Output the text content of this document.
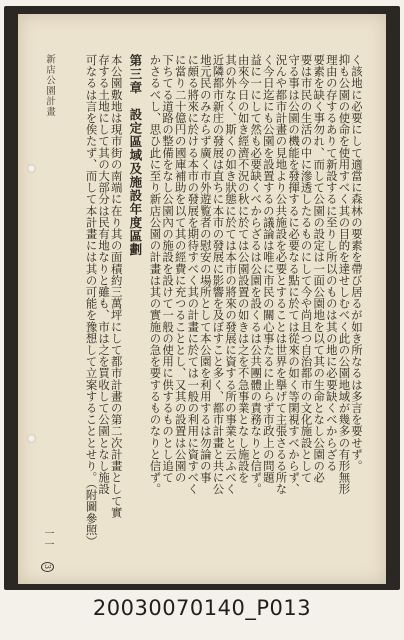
く該地に必要にして適當に森林の要素を帶び居るが如き所なるは多言を要せず。
抑も公園の使命を使用すべく其の目的を達せしむべく此の公園地域が幾多の有形無形
理由の存するありて新設するに至りし所以のものは其の地に必要缺くべからざる
要素を缺く事勿れ、而して公園の設定は一面公園地を以て其の生命となし公園の必
要は市民の生活の中に滲透したるものにして今や尚且つ自治都市の文化施設として
守る事は公園の機能を發揮するに必要なる點に於ては從來の如く等閑視すべからず、
況んや都市計畫の見地より公共施設を必要とすることは世界を擧げて主張さるる所な
く今日迄にも公園を設置するの議論は唯に市民の關心事たるに止らず市政上の問題
益に一にして然も必要缺くべからざるは公園を設くるは公共團體の責務なりと信ず。
由來今日の如き經濟不況の秋に於ては公園設置の如きは之を不急事業となし施設を
其の外なく、斯くの如き狀態に於ては本市の將來の發展に資する所の事業と云ふべく
近隣都市新庄の發展は直ちに本市の發展に影響を及ぼすこと多く、都市計畫と共に公
地元民のみならず廣く市外遊覧者の慰安の場所として本公園を利用するは勿論の事
に頗る將來に於ける本市の發展を期待すべく其の計畫に於ては一般の利用に資すべく
に當り二十億円の國庫補助を以て其の經費に充つることとし、又其の設置は公園の
下ちてる道路の整備をなし公園內の施設を設けて一般の使用に供するものとし追て
かさるべし、思ひ此に至り新店公園の計畫は其の實施の急を要するものなりと信ず。
第三章　設定區域及施設年度區劃
本公園敷地は現市街の南端に在り其の面積約三萬坪にして都市計畫の第二次計畫として實
存する土地にして其の大部分は民有地なりと雖も、市は之を買收して公園となし施設
可なるは言を俟たず、而して本計畫には其の可能を豫想して立案することとせり。（附圖參照）
新店公園計畫
一一 3
20030070140_P013
